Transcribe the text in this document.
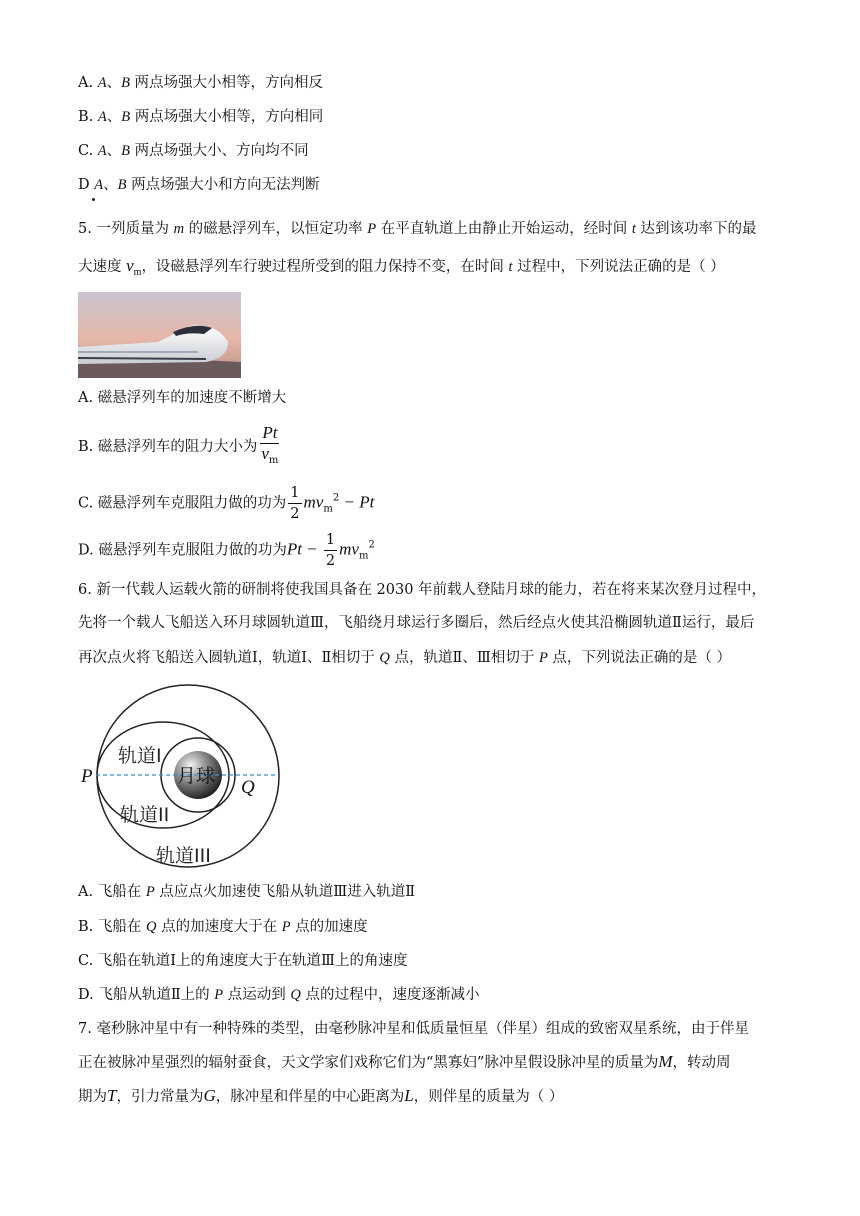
A. A、B 两点场强大小相等，方向相反
B. A、B 两点场强大小相等，方向相同
C. A、B 两点场强大小、方向均不同
D A、B 两点场强大小和方向无法判断
5. 一列质量为 m 的磁悬浮列车，以恒定功率 P 在平直轨道上由静止开始运动，经时间 t 达到该功率下的最
大速度 $v_m$，设磁悬浮列车行驶过程所受到的阻力保持不变，在时间 t 过程中，下列说法正确的是（ ）
A. 磁悬浮列车的加速度不断增大
B. 磁悬浮列车的阻力大小为 $\frac{Pt}{v_m}$
C. 磁悬浮列车克服阻力做的功为 $\frac{1}{2} mv_m^2 - Pt$
D. 磁悬浮列车克服阻力做的功为$Pt - \frac{1}{2} mv_m^2$
6. 新一代载人运载火箭的研制将使我国具备在 2030 年前载人登陆月球的能力，若在将来某次登月过程中，
先将一个载人飞船送入环月球圆轨道Ⅲ，飞船绕月球运行多圈后，然后经点火使其沿椭圆轨道Ⅱ运行，最后
再次点火将飞船送入圆轨道Ⅰ，轨道Ⅰ、Ⅱ相切于 Q 点，轨道Ⅱ、Ⅲ相切于 P 点，下列说法正确的是（ ）
轨道I
月球
P
Q
轨道II
轨道III
A. 飞船在 P 点应点火加速使飞船从轨道Ⅲ进入轨道Ⅱ
B. 飞船在 Q 点的加速度大于在 P 点的加速度
C. 飞船在轨道Ⅰ上的角速度大于在轨道Ⅲ上的角速度
D. 飞船从轨道Ⅱ上的 P 点运动到 Q 点的过程中，速度逐渐减小
7. 毫秒脉冲星中有一种特殊的类型，由毫秒脉冲星和低质量恒星（伴星）组成的致密双星系统，由于伴星
正在被脉冲星强烈的辐射蚕食，天文学家们戏称它们为“黑寡妇”脉冲星假设脉冲星的质量为M，转动周
期为T，引力常量为G，脉冲星和伴星的中心距离为L，则伴星的质量为（ ）
